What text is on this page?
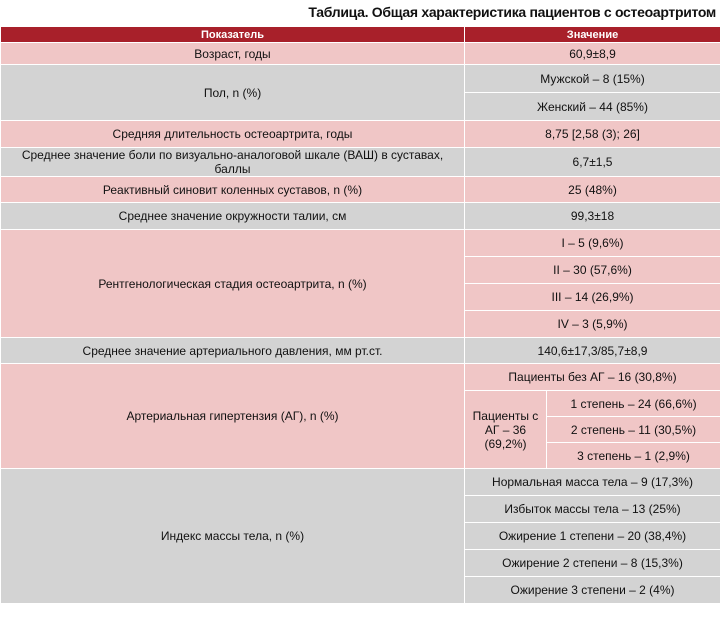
Таблица. Общая характеристика пациентов с остеоартритом
Показатель	Значение	
Возраст, годы	60,9±8,9	
Пол, n (%)	Мужской – 8 (15%)	
	Женский – 44 (85%)	
Средняя длительность остеоартрита, годы	8,75 [2,58 (3); 26]	
Среднее значение боли по визуально-аналоговой шкале (ВАШ) в суставах, баллы	6,7±1,5	
Реактивный синовит коленных суставов, n (%)	25 (48%)	
Среднее значение окружности талии, см	99,3±18	
Рентгенологическая стадия остеоартрита, n (%)	I – 5 (9,6%)	
	II – 30 (57,6%)	
	III – 14 (26,9%)	
	IV – 3 (5,9%)	
Среднее значение артериального давления, мм рт.ст.	140,6±17,3/85,7±8,9	
Артериальная гипертензия (АГ), n (%)	Пациенты без АГ – 16 (30,8%)	
	Пациенты с АГ – 36 (69,2%)	1 степень – 24 (66,6%)
		2 степень – 11 (30,5%)
		3 степень – 1 (2,9%)
Индекс массы тела, n (%)	Нормальная масса тела – 9 (17,3%)	
	Избыток массы тела – 13 (25%)	
	Ожирение 1 степени – 20 (38,4%)	
	Ожирение 2 степени – 8 (15,3%)	
	Ожирение 3 степени – 2 (4%)	
